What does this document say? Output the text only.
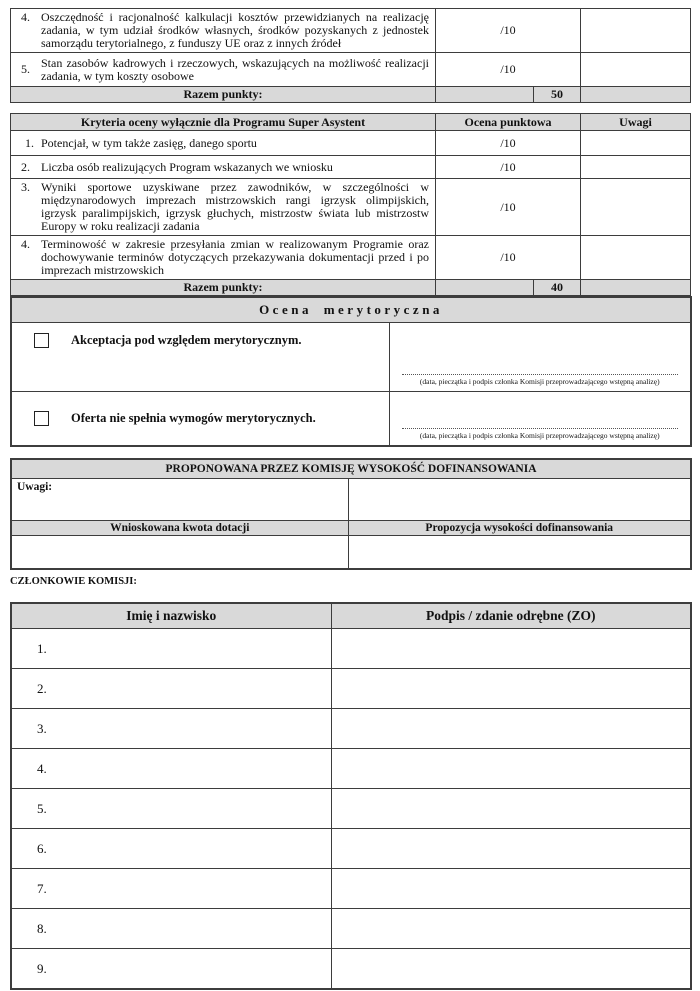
4. Oszczędność i racjonalność kalkulacji kosztów przewidzianych na realizację zadania, w tym udział środków własnych, środków pozyskanych z jednostek samorządu terytorialnego, z funduszy UE oraz z innych źródeł	/10		

5. Stan zasobów kadrowych i rzeczowych, wskazujących na możliwość realizacji zadania, w tym koszty osobowe	/10		
Razem punkty:		50	
Kryteria oceny wyłącznie dla Programu Super Asystent	Ocena punktowa		Uwagi

1. Potencjał, w tym także zasięg, danego sportu	/10		

2. Liczba osób realizujących Program wskazanych we wniosku	/10		

3. Wyniki sportowe uzyskiwane przez zawodników, w szczególności w międzynarodowych imprezach mistrzowskich rangi igrzysk olimpijskich, igrzysk paralimpijskich, igrzysk głuchych, mistrzostw świata lub mistrzostw Europy w roku realizacji zadania	/10		

4. Terminowość w zakresie przesyłania zmian w realizowanym Programie oraz dochowywanie terminów dotyczących przekazywania dokumentacji przed i po imprezach mistrzowskich	/10		
Razem punkty:		40	
Ocena merytoryczna	

Akceptacja pod względem merytorycznym.	(data, pieczątka i podpis członka Komisji przeprowadzającego wstępną analizę)

Oferta nie spełnia wymogów merytorycznych.	(data, pieczątka i podpis członka Komisji przeprowadzającego wstępną analizę)
PROPONOWANA PRZEZ KOMISJĘ WYSOKOŚĆ DOFINANSOWANIA	
Uwagi:	
Wnioskowana kwota dotacji	Propozycja wysokości dofinansowania

CZŁONKOWIE KOMISJI:
Imię i nazwisko	Podpis / zdanie odrębne (ZO)
1.	
2.	
3.	
4.	
5.	
6.	
7.	
8.	
9.	
